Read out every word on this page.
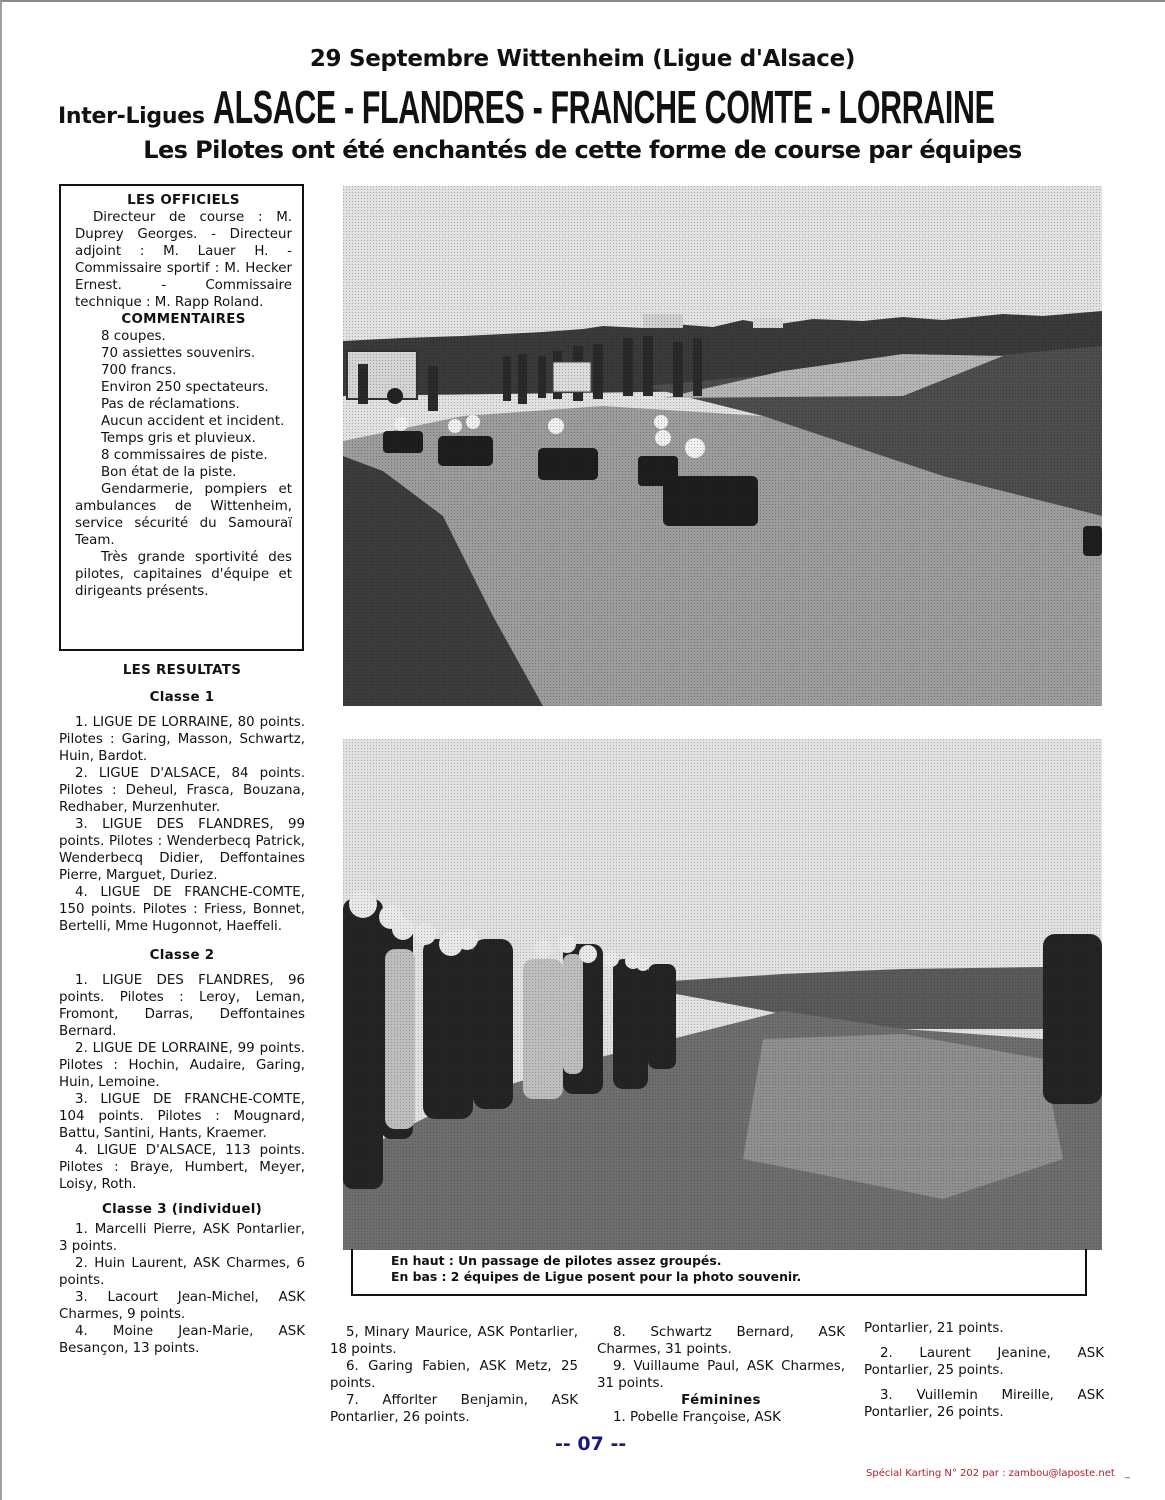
29 Septembre Wittenheim (Ligue d'Alsace)
Inter-Ligues ALSACE - FLANDRES - FRANCHE COMTE - LORRAINE
Les Pilotes ont été enchantés de cette forme de course par équipes
LES OFFICIELS

Directeur de course : M. Duprey Georges. - Directeur adjoint : M. Lauer H. - Commissaire sportif : M. Hecker Ernest. - Commissaire technique : M. Rapp Roland.

COMMENTAIRES

8 coupes.

70 assiettes souvenirs.

700 francs.

Environ 250 spectateurs.

Pas de réclamations.

Aucun accident et incident.

Temps gris et pluvieux.

8 commissaires de piste.

Bon état de la piste.

Gendarmerie, pompiers et ambulances de Wittenheim, service sécurité du Samouraï Team.

Très grande sportivité des pilotes, capitaines d'équipe et dirigeants présents.

LES RESULTATS
Classe 1

1. LIGUE DE LORRAINE, 80 points. Pilotes : Garing, Masson, Schwartz, Huin, Bardot.

2. LIGUE D'ALSACE, 84 points. Pilotes : Deheul, Frasca, Bouzana, Redhaber, Murzenhuter.

3. LIGUE DES FLANDRES, 99 points. Pilotes : Wenderbecq Patrick, Wenderbecq Didier, Deffontaines Pierre, Marguet, Duriez.

4. LIGUE DE FRANCHE-COMTE, 150 points. Pilotes : Friess, Bonnet, Bertelli, Mme Hugonnot, Haeffeli.

Classe 2

1. LIGUE DES FLANDRES, 96 points. Pilotes : Leroy, Leman, Fromont, Darras, Deffontaines Bernard.

2. LIGUE DE LORRAINE, 99 points. Pilotes : Hochin, Audaire, Garing, Huin, Lemoine.

3. LIGUE DE FRANCHE-COMTE, 104 points. Pilotes : Mougnard, Battu, Santini, Hants, Kraemer.

4. LIGUE D'ALSACE, 113 points. Pilotes : Braye, Humbert, Meyer, Loisy, Roth.

Classe 3 (individuel)

1. Marcelli Pierre, ASK Pontarlier, 3 points.

2. Huin Laurent, ASK Charmes, 6 points.

3. Lacourt Jean-Michel, ASK Charmes, 9 points.

4. Moine Jean-Marie, ASK Besançon, 13 points.

En haut : Un passage de pilotes assez groupés.
En bas : 2 équipes de Ligue posent pour la photo souvenir.

5, Minary Maurice, ASK Pontarlier, 18 points.

6. Garing Fabien, ASK Metz, 25 points.

7. Afforlter Benjamin, ASK Pontarlier, 26 points.

8. Schwartz Bernard, ASK Charmes, 31 points.

9. Vuillaume Paul, ASK Charmes, 31 points.

Féminines

1. Pobelle Françoise, ASK

Pontarlier, 21 points.

2. Laurent Jeanine, ASK Pontarlier, 25 points.

3. Vuillemin Mireille, ASK Pontarlier, 26 points.

-- 07 --
Spécial Karting N° 202 par : zambou@laposte.net _
